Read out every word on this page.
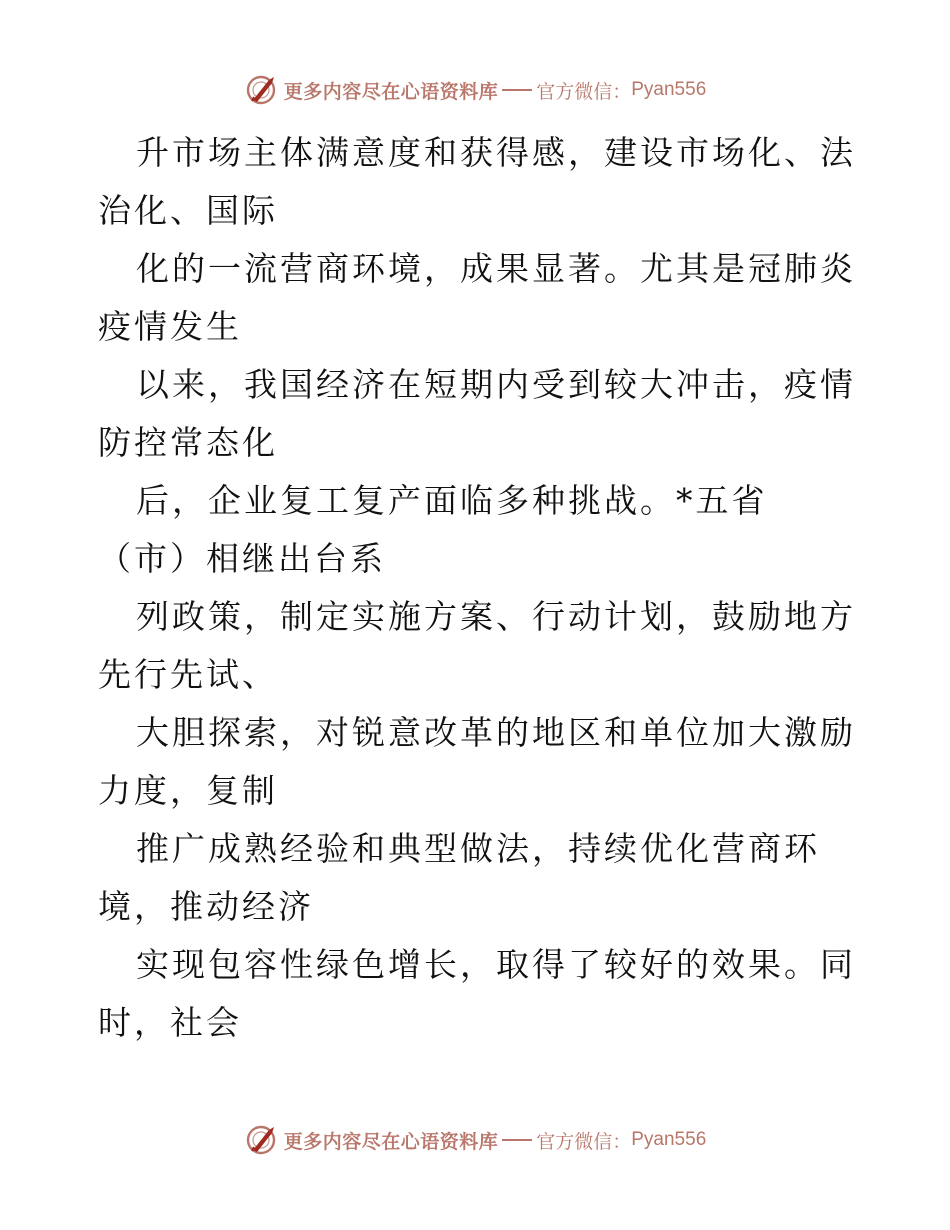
更多内容尽在心语资料库 官方微信： Pyan556

升市场主体满意度和获得感，建设市场化、法治化、国际

化的一流营商环境，成果显著。尤其是冠肺炎疫情发生

以来，我国经济在短期内受到较大冲击，疫情防控常态化

后，企业复工复产面临多种挑战。*五省（市）相继出台系

列政策，制定实施方案、行动计划，鼓励地方先行先试、

大胆探索，对锐意改革的地区和单位加大激励力度，复制

推广成熟经验和典型做法，持续优化营商环境，推动经济

实现包容性绿色增长，取得了较好的效果。同时，社会

更多内容尽在心语资料库 官方微信： Pyan556
